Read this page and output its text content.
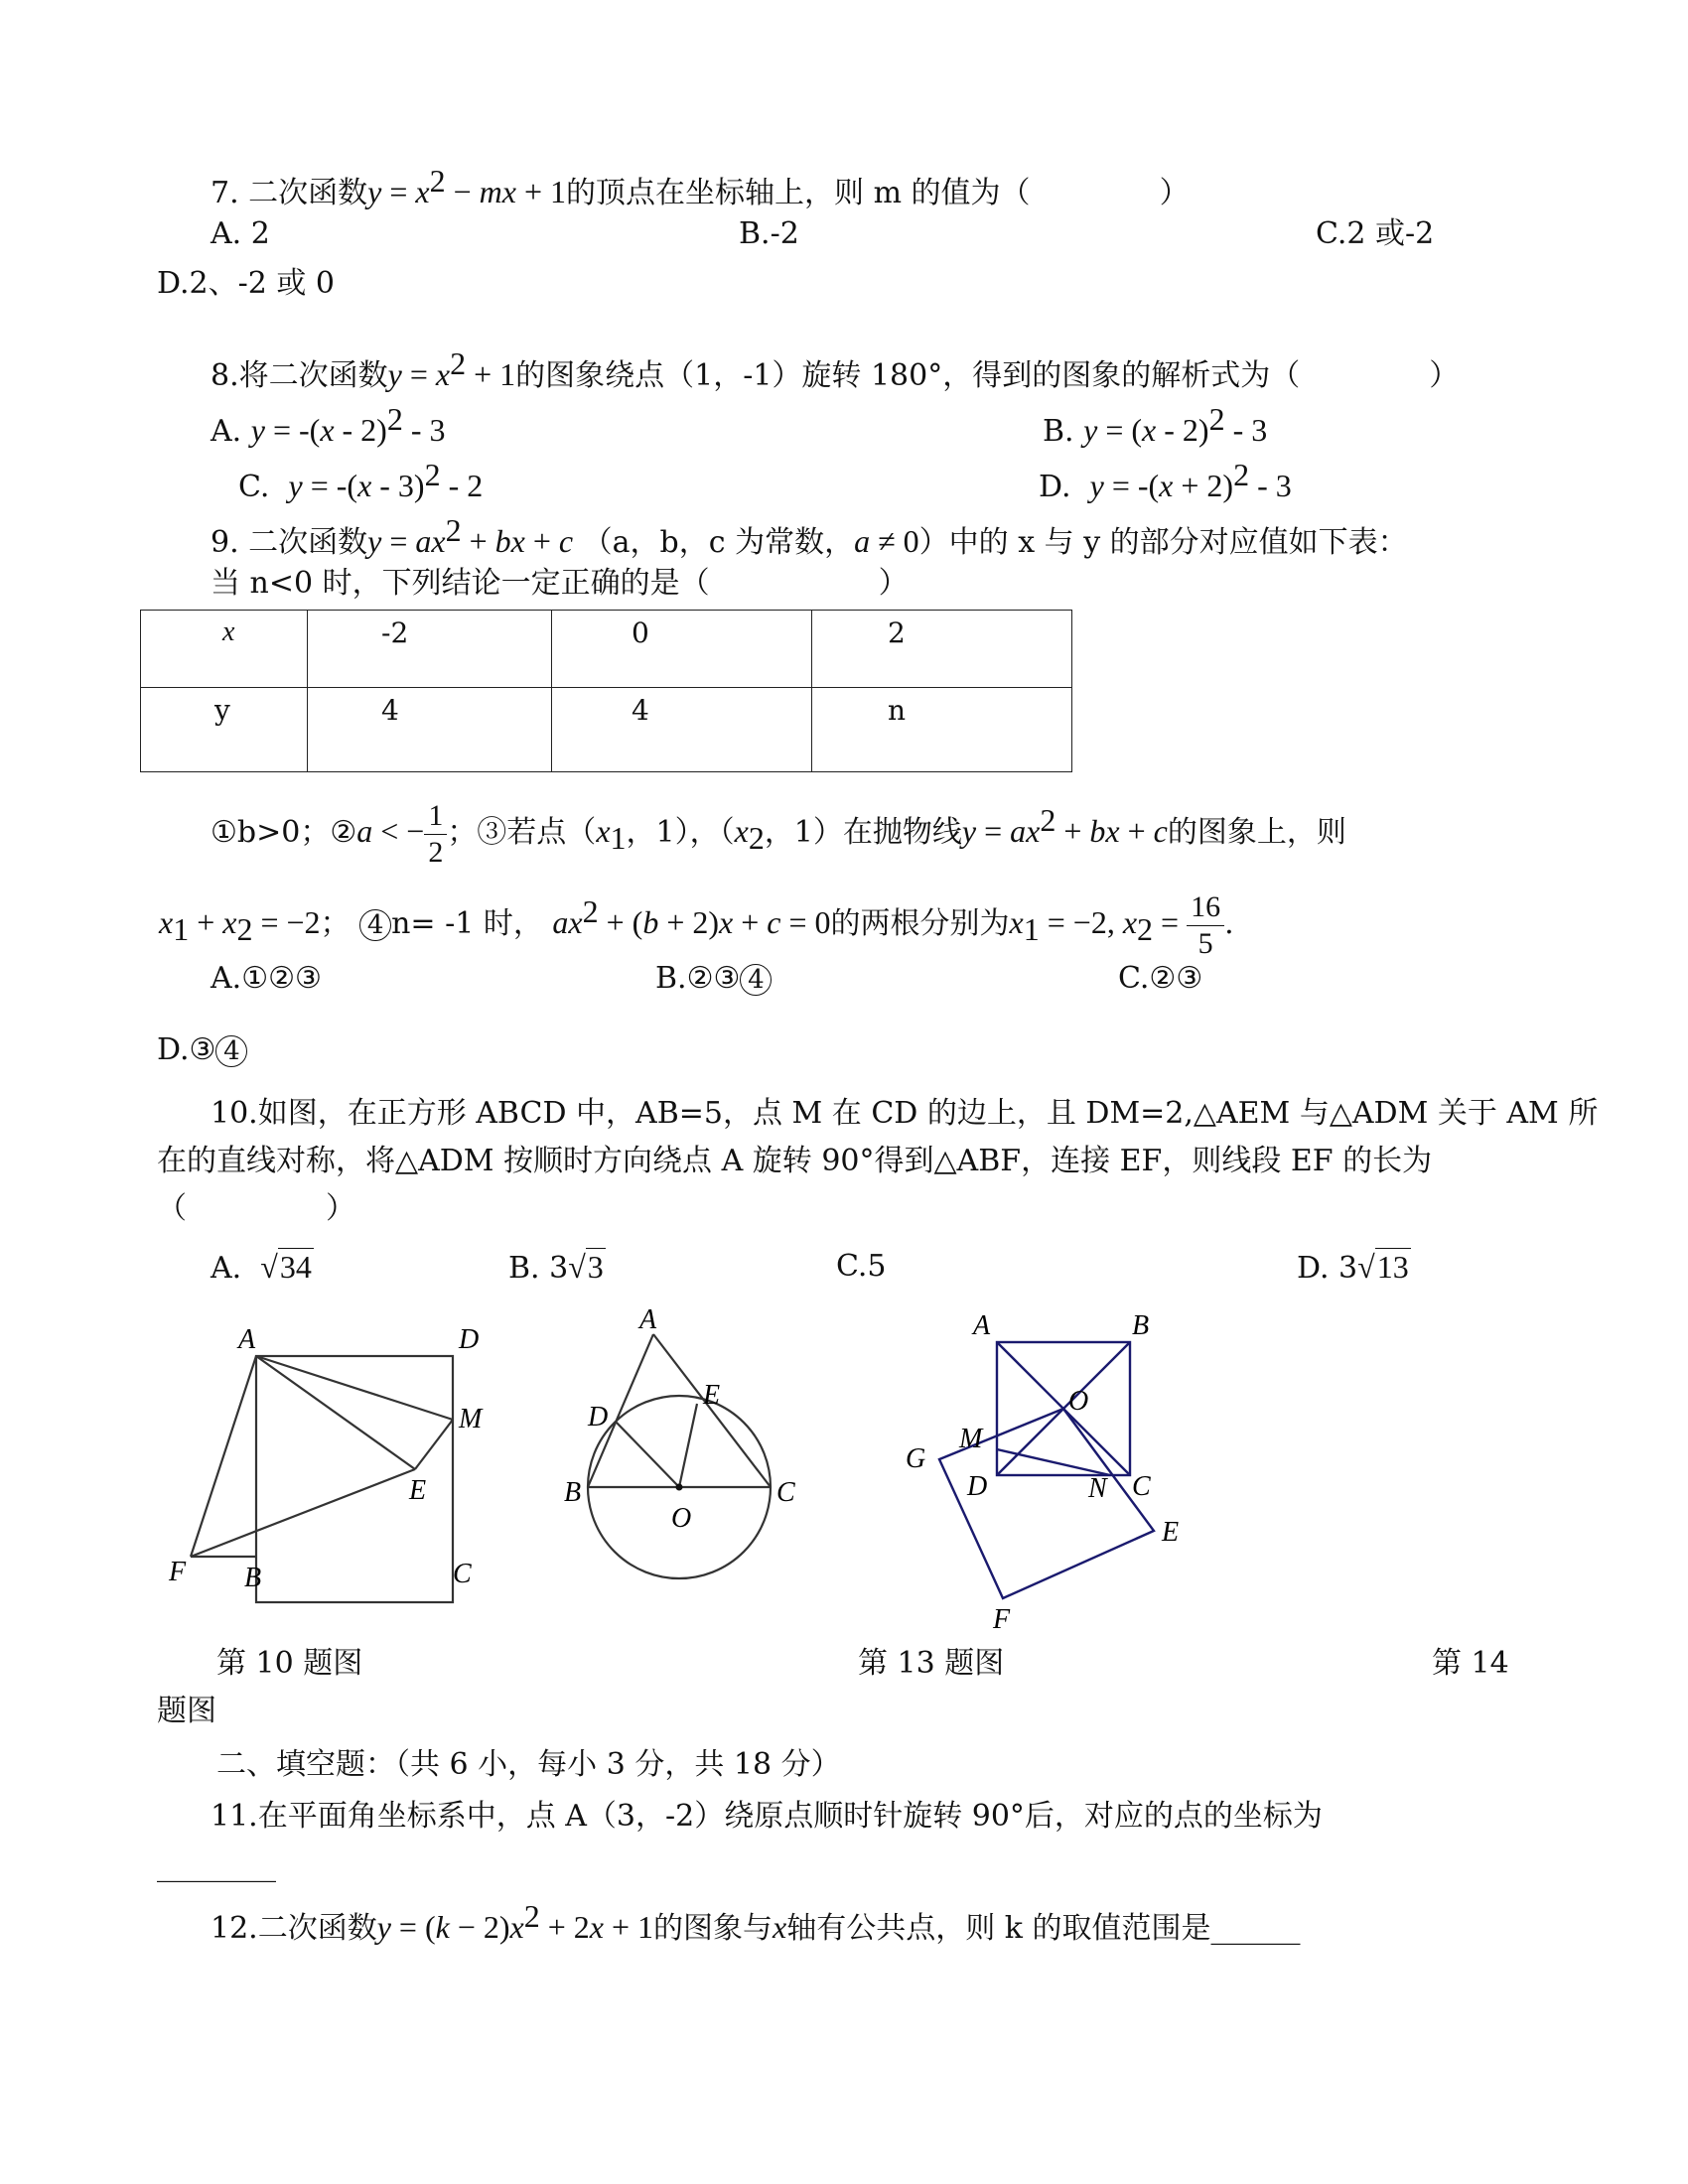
7. 二次函数$y = x^2$ − mx + 1的顶点在坐标轴上，则 m 的值为（	）
A. 2	B.-2	C.2 或-2
D.2、-2 或 0
8.将二次函数$y = x^2 + 1$的图象绕点（1，-1）旋转 180°，得到的图象的解析式为（	）
A. y = -(x - 2)$^2$ - 3	B. y = (x - 2)$^2$ - 3
C. y = -(x - 3)$^2$ - 2	D. $y = -(x + 2)^2 - 3$
9. 二次函数$y = ax^2$ + bx + c （a，b，c 为常数，a ≠ 0）中的 x 与 y 的部分对应值如下表：
当 n<0 时，下列结论一定正确的是（	）
x	-2	0	2
y	4	4	n
①b>0；②a < − $\frac{1}{2}$ ；③若点（$x_1$，1），（$x_2$，1）在抛物线$y = ax^2$ + bx + c的图象上，则
$x_1 + x_2 = -2$； 4 n= -1 时， $ax^2 + (b + 2)x + c = 0$的两根分别为$x_1 = -2$, $x_2 = \frac{16}{5}$ .
A.①②③	B.②③ 4	C.②③
D.③ 4
10.如图，在正方形 ABCD 中，AB=5，点 M 在 CD 的边上，且 DM=2,△AEM 与△ADM 关于 AM 所
在的直线对称，将△ADM 按顺时方向绕点 A 旋转 90°得到△ABF，连接 EF，则线段 EF 的长为
（	）
A. √34	B. 3√3	C.5	D. 3√13
A	D
M
E
F B	C
A
E
D
B
O
C
A	B
O
M
G
D	N C
E
F
第 10 题图	第 13 题图	第 14
题图
二、填空题：（共 6 小，每小 3 分，共 18 分）
11.在平面角坐标系中，点 A（3，-2）绕原点顺时针旋转 90°后，对应的点的坐标为
________
12.二次函数$y = (k - 2)x^2 + 2x + 1$的图象与x轴有公共点，则 k 的取值范围是______
